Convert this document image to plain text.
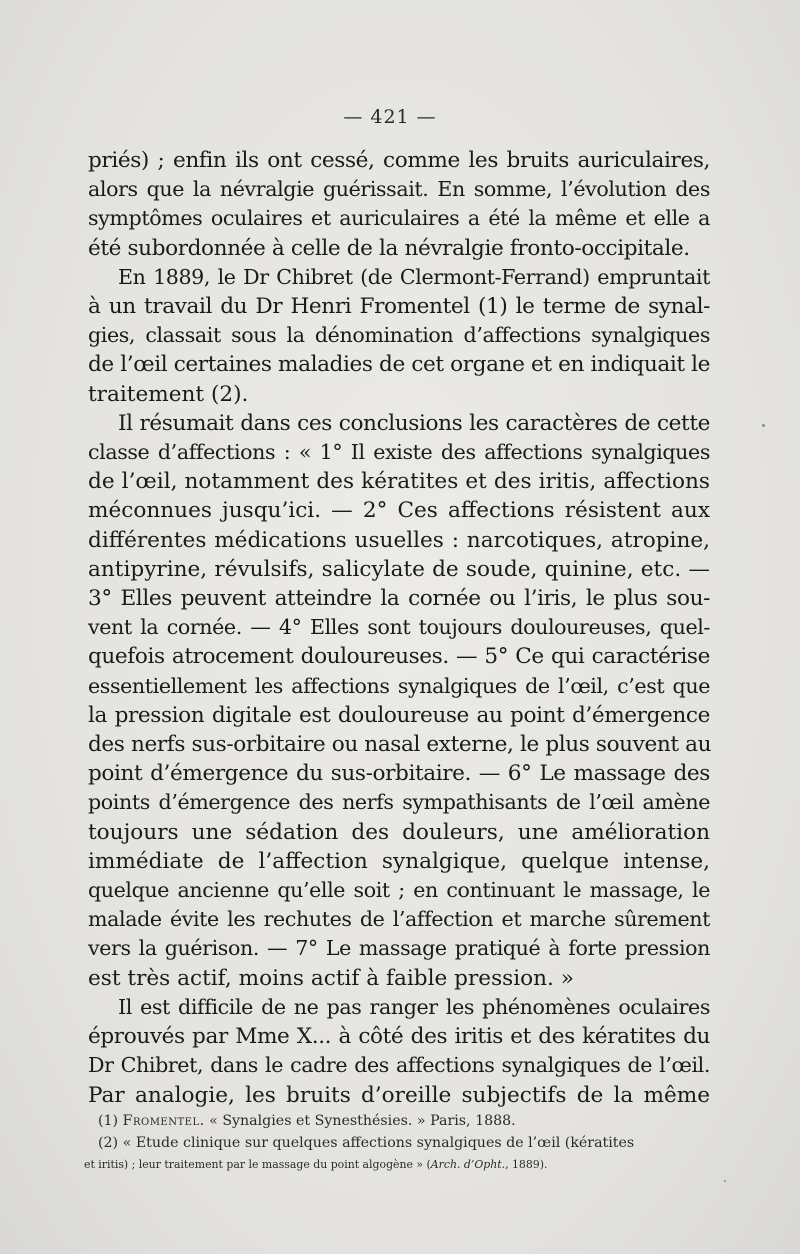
— 421 —
priés) ; enfin ils ont cessé, comme les bruits auriculaires,
alors que la névralgie guérissait. En somme, l’évolution des
symptômes oculaires et auriculaires a été la même et elle a
été subordonnée à celle de la névralgie fronto-occipitale.
En 1889, le Dr Chibret (de Clermont-Ferrand) empruntait
à un travail du Dr Henri Fromentel (1) le terme de synal-
gies, classait sous la dénomination d’affections synalgiques
de l’œil certaines maladies de cet organe et en indiquait le
traitement (2).
Il résumait dans ces conclusions les caractères de cette
classe d’affections : « 1° Il existe des affections synalgiques
de l’œil, notamment des kératites et des iritis, affections
méconnues jusqu’ici. — 2° Ces affections résistent aux
différentes médications usuelles : narcotiques, atropine,
antipyrine, révulsifs, salicylate de soude, quinine, etc. —
3° Elles peuvent atteindre la cornée ou l’iris, le plus sou-
vent la cornée. — 4° Elles sont toujours douloureuses, quel-
quefois atrocement douloureuses. — 5° Ce qui caractérise
essentiellement les affections synalgiques de l’œil, c’est que
la pression digitale est douloureuse au point d’émergence
des nerfs sus-orbitaire ou nasal externe, le plus souvent au
point d’émergence du sus-orbitaire. — 6° Le massage des
points d’émergence des nerfs sympathisants de l’œil amène
toujours une sédation des douleurs, une amélioration
immédiate de l’affection synalgique, quelque intense,
quelque ancienne qu’elle soit ; en continuant le massage, le
malade évite les rechutes de l’affection et marche sûrement
vers la guérison. — 7° Le massage pratiqué à forte pression
est très actif, moins actif à faible pression. »
Il est difficile de ne pas ranger les phénomènes oculaires
éprouvés par Mme X... à côté des iritis et des kératites du
Dr Chibret, dans le cadre des affections synalgiques de l’œil.
Par analogie, les bruits d’oreille subjectifs de la même
(1) Fromentel. « Synalgies et Synesthésies. » Paris, 1888.
(2) « Etude clinique sur quelques affections synalgiques de l’œil (kératites
et iritis) ; leur traitement par le massage du point algogène » (Arch. d’Opht., 1889).
